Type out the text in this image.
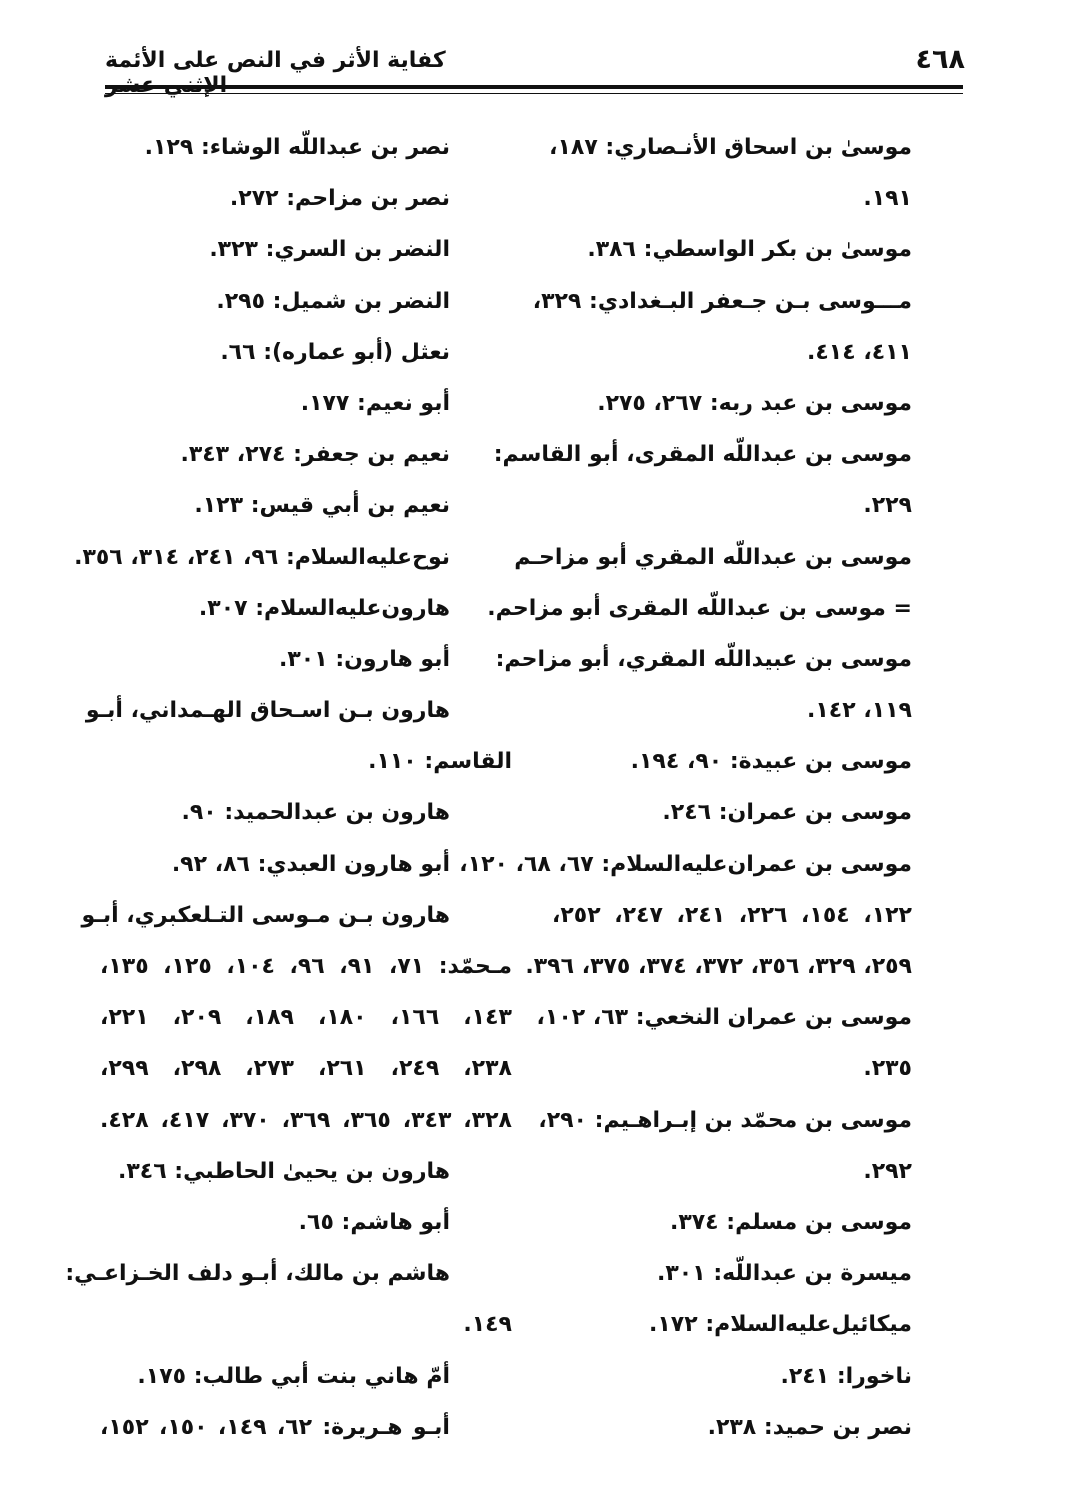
٤٦٨
كفاية الأثر في النص على الأئمة
موسىٰ بن اسحاق الأنـصاري: ١٨٧،
١٩١.
موسىٰ بن بكر الواسطي: ٣٨٦.
مـــوسى بـن جـعفر البـغدادي: ٣٢٩،
٤١١، ٤١٤.
موسى بن عبد ربه: ٢٦٧، ٢٧٥.
موسى بن عبداللّه المقرى، أبو القاسم:
٢٢٩.
موسى بن عبداللّه المقري أبو مزاحـم
= موسى بن عبداللّه المقرى أبو مزاحم.
موسى بن عبيداللّه المقري، أبو مزاحم:
١١٩، ١٤٢.
موسى بن عبيدة: ٩٠، ١٩٤.
موسى بن عمران: ٢٤٦.
موسى بن عمران‌عليه‌السلام: ٦٧، ٦٨، ١٢٠،
١٢٢، ١٥٤، ٢٢٦، ٢٤١، ٢٤٧، ٢٥٢،
٢٥٩، ٣٢٩، ٣٥٦، ٣٧٢، ٣٧٤، ٣٧٥، ٣٩٦.
موسى بن عمران النخعي: ٦٣، ١٠٢،
٢٣٥.
موسى بن محمّد بن إبـراهـيم: ٢٩٠،
٢٩٢.
موسى بن مسلم: ٣٧٤.
ميسرة بن عبداللّه: ٣٠١.
ميكائيل‌عليه‌السلام: ١٧٢.
ناخورا: ٢٤١.
نصر بن حميد: ٢٣٨.
نصر بن عبداللّه الوشاء: ١٢٩.
نصر بن مزاحم: ٢٧٢.
النضر بن السري: ٣٢٣.
النضر بن شميل: ٢٩٥.
نعثل (أبو عماره): ٦٦.
أبو نعيم: ١٧٧.
نعيم بن جعفر: ٢٧٤، ٣٤٣.
نعيم بن أبي قيس: ١٢٣.
نوح‌عليه‌السلام: ٩٦، ٢٤١، ٣١٤، ٣٥٦.
هارون‌عليه‌السلام: ٣٠٧.
أبو هارون: ٣٠١.
هارون بـن اسـحاق الهـمداني، أبـو
القاسم: ١١٠.
هارون بن عبدالحميد: ٩٠.
أبو هارون العبدي: ٨٦، ٩٢.
هارون بـن مـوسى التـلعكبري، أبـو
مـحمّد: ٧١، ٩١، ٩٦، ١٠٤، ١٢٥، ١٣٥،
١٤٣، ١٦٦، ١٨٠، ١٨٩، ٢٠٩، ٢٢١،
٢٣٨، ٢٤٩، ٢٦١، ٢٧٣، ٢٩٨، ٢٩٩،
٣٢٨، ٣٤٣، ٣٦٥، ٣٦٩، ٣٧٠، ٤١٧، ٤٢٨.
هارون بن يحيىٰ الحاطبي: ٣٤٦.
أبو هاشم: ٦٥.
هاشم بن مالك، أبـو دلف الخـزاعـي:
١٤٩.
أمّ هاني بنت أبي طالب: ١٧٥.
أبـو هـريرة: ٦٢، ١٤٩، ١٥٠، ١٥٢،
